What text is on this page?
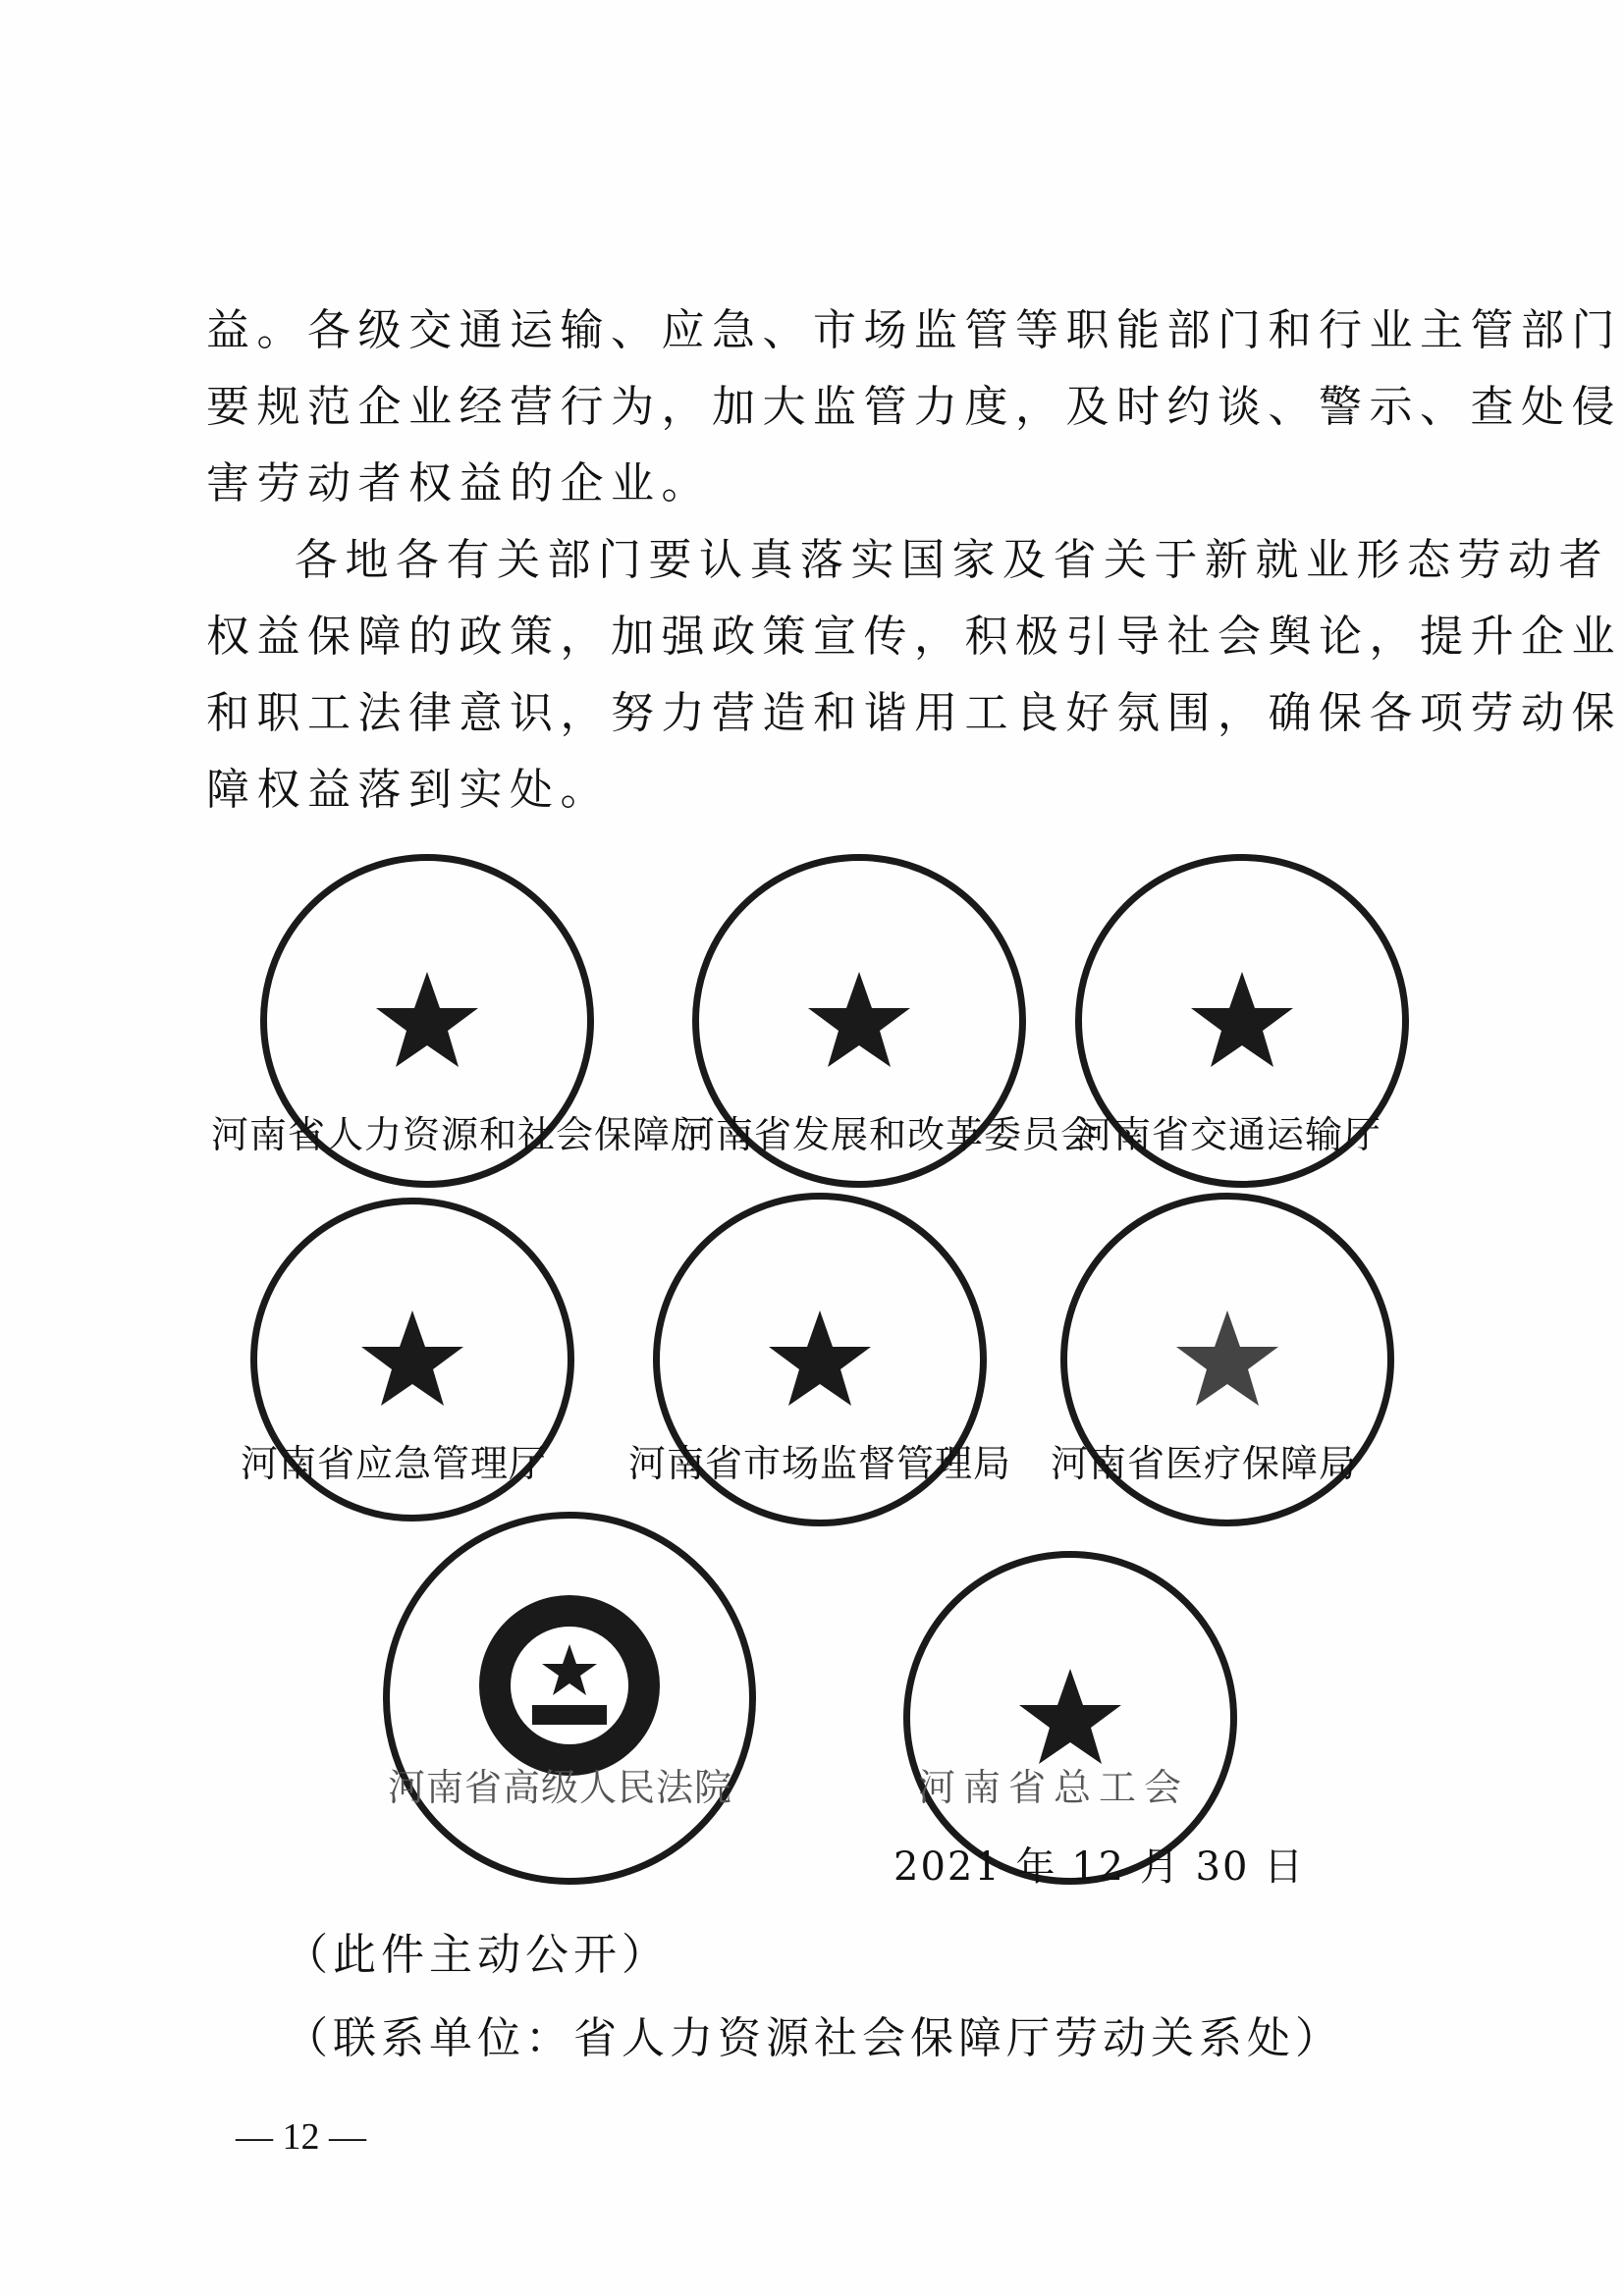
益。各级交通运输、应急、市场监管等职能部门和行业主管部门
要规范企业经营行为，加大监管力度，及时约谈、警示、查处侵
害劳动者权益的企业。
各地各有关部门要认真落实国家及省关于新就业形态劳动者
权益保障的政策，加强政策宣传，积极引导社会舆论，提升企业
和职工法律意识，努力营造和谐用工良好氛围，确保各项劳动保
障权益落到实处。
河南省人力资源和社会保障厅
河南省发展和改革委员会
河南省交通运输厅
河南省应急管理厅 河南省市场监督管理局 河南省医疗保障局
河南省高级人民法院	河南省总工会
2021 年 12 月 30 日
（此件主动公开）
（联系单位：省人力资源社会保障厅劳动关系处）
— 12 —
